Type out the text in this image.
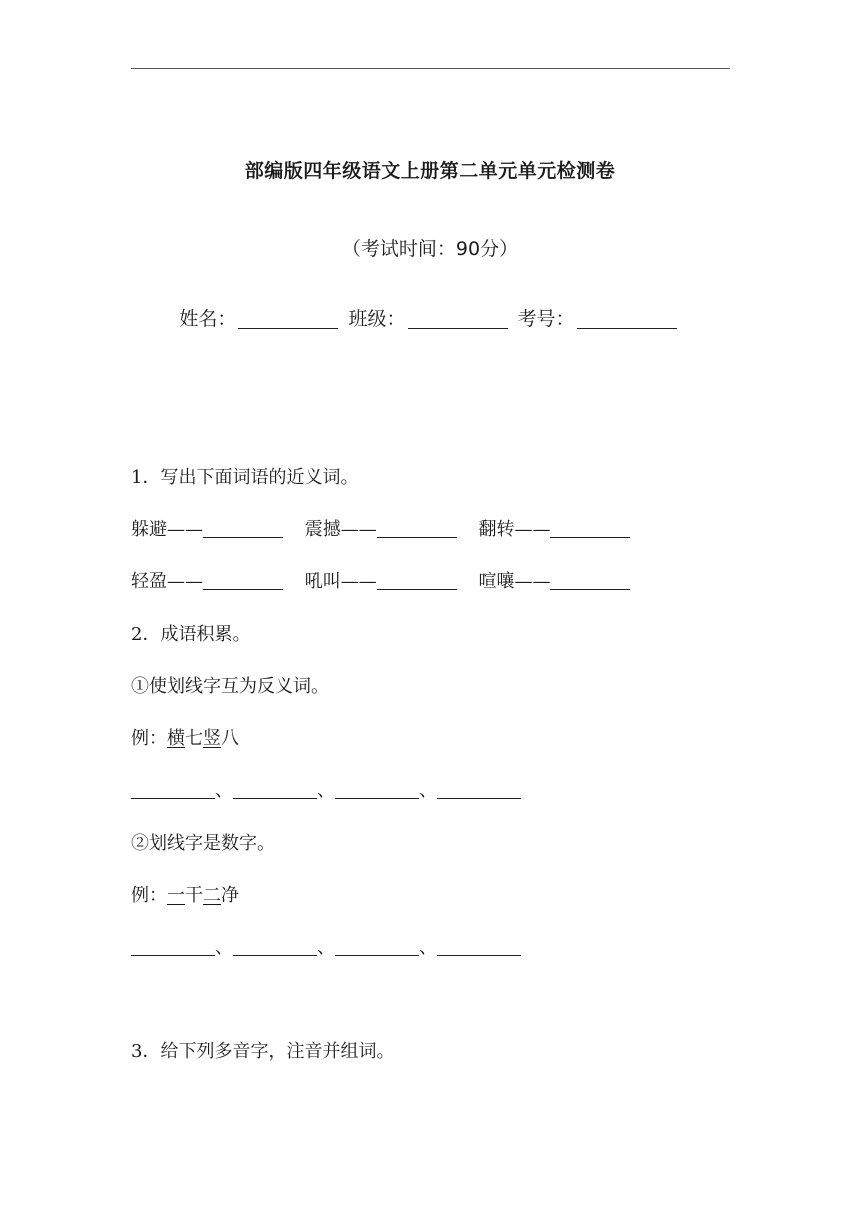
部编版四年级语文上册第二单元单元检测卷
（考试时间：90分）
姓名：	班级：	考号：
1．写出下面词语的近义词。
躲避——	震撼——	翻转——
轻盈——	吼叫——	喧嚷——
2．成语积累。
①使划线字互为反义词。
例：横七竖八
、	、	、
②划线字是数字。
例：一干二净
、	、	、
3．给下列多音字，注音并组词。
